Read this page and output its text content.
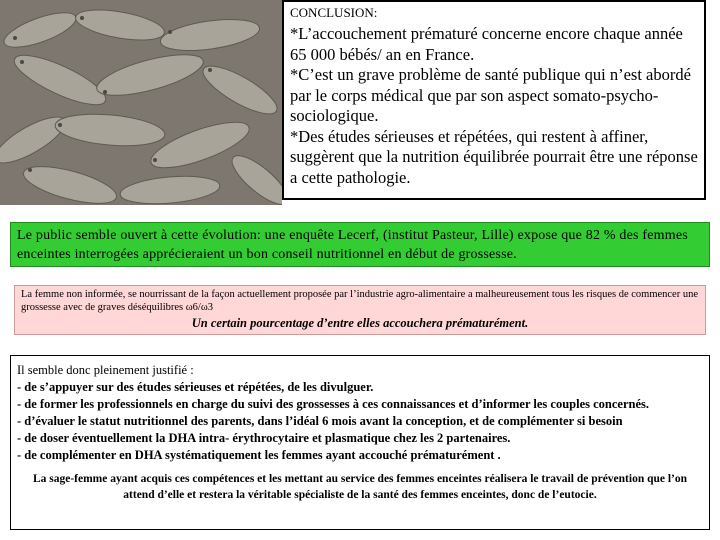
CONCLUSION:

*L’accouchement prématuré concerne encore chaque année 65 000 bébés/ an en France.

*C’est un grave problème de santé publique qui n’est abordé par le corps médical que par son aspect somato-psycho-sociologique.

*Des études sérieuses et répétées, qui restent à affiner, suggèrent que la nutrition équilibrée pourrait être une réponse a cette pathologie.

Le public semble ouvert à cette évolution: une enquête Lecerf, (institut Pasteur, Lille) expose que 82 % des femmes enceintes interrogées apprécieraient un bon conseil nutritionnel en début de grossesse.
La femme non informée, se nourrissant de la façon actuellement proposée par l’industrie agro-alimentaire a malheureusement tous les risques de commencer une grossesse avec de graves déséquilibres ω6/ω3
Un certain pourcentage d’entre elles accouchera prématurément.

Il semble donc pleinement justifié :

- de s’appuyer sur des études sérieuses et répétées, de les divulguer.

- de former les professionnels en charge du suivi des grossesses à ces connaissances et d’informer les couples concernés.

- d’évaluer le statut nutritionnel des parents, dans l’idéal 6 mois avant la conception, et de complémenter si besoin

- de doser éventuellement la DHA intra- érythrocytaire et plasmatique chez les 2 partenaires.

- de complémenter en DHA systématiquement les femmes ayant accouché prématurément .

La sage-femme ayant acquis ces compétences et les mettant au service des femmes enceintes réalisera le travail de prévention que l’on attend d’elle et restera la véritable spécialiste de la santé des femmes enceintes, donc de l’eutocie.
